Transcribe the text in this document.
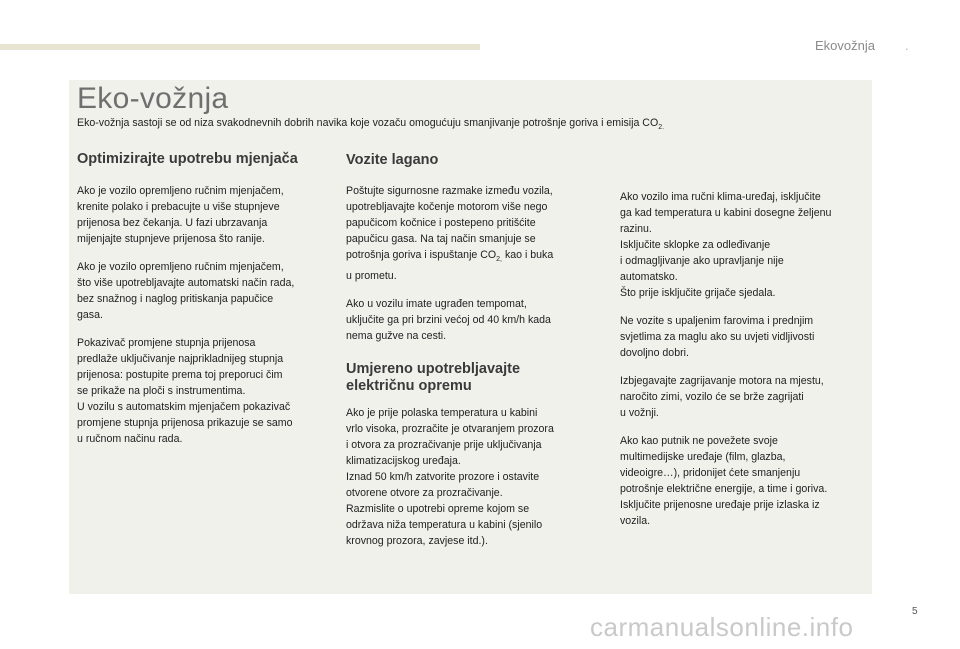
Ekovožnja .
Eko-vožnja
Eko-vožnja sastoji se od niza svakodnevnih dobrih navika koje vozaču omogućuju smanjivanje potrošnje goriva i emisija $CO_{2.}$
Optimizirajte upotrebu mjenjača

Ako je vozilo opremljeno ručnim mjenjačem,
krenite polako i prebacujte u više stupnjeve
prijenosa bez čekanja. U fazi ubrzavanja
mijenjajte stupnjeve prijenosa što ranije.

Ako je vozilo opremljeno ručnim mjenjačem,
što više upotrebljavajte automatski način rada,
bez snažnog i naglog pritiskanja papučice
gasa.

Pokazivač promjene stupnja prijenosa
predlaže uključivanje najprikladnijeg stupnja
prijenosa: postupite prema toj preporuci čim
se prikaže na ploči s instrumentima.
U vozilu s automatskim mjenjačem pokazivač
promjene stupnja prijenosa prikazuje se samo
u ručnom načinu rada.

Vozite lagano

Poštujte sigurnosne razmake između vozila,
upotrebljavajte kočenje motorom više nego
papučicom kočnice i postepeno pritišćite
papučicu gasa. Na taj način smanjuje se
potrošnja goriva i ispuštanje $CO_{2,}$ kao i buka
u prometu.

Ako u vozilu imate ugrađen tempomat,
uključite ga pri brzini većoj od 40 km/h kada
nema gužve na cesti.

Umjereno upotrebljavajte
električnu opremu

Ako je prije polaska temperatura u kabini
vrlo visoka, prozračite je otvaranjem prozora
i otvora za prozračivanje prije uključivanja
klimatizacijskog uređaja.
Iznad 50 km/h zatvorite prozore i ostavite
otvorene otvore za prozračivanje.
Razmislite o upotrebi opreme kojom se
održava niža temperatura u kabini (sjenilo
krovnog prozora, zavjese itd.).

Ako vozilo ima ručni klima-uređaj, isključite
ga kad temperatura u kabini dosegne željenu
razinu.
Isključite sklopke za odleđivanje
i odmagljivanje ako upravljanje nije
automatsko.
Što prije isključite grijače sjedala.

Ne vozite s upaljenim farovima i prednjim
svjetlima za maglu ako su uvjeti vidljivosti
dovoljno dobri.

Izbjegavajte zagrijavanje motora na mjestu,
naročito zimi, vozilo će se brže zagrijati
u vožnji.

Ako kao putnik ne povežete svoje
multimedijske uređaje (film, glazba,
videoigre…), pridonijet ćete smanjenju
potrošnje električne energije, a time i goriva.
Isključite prijenosne uređaje prije izlaska iz
vozila.

5
carmanualsonline.info
